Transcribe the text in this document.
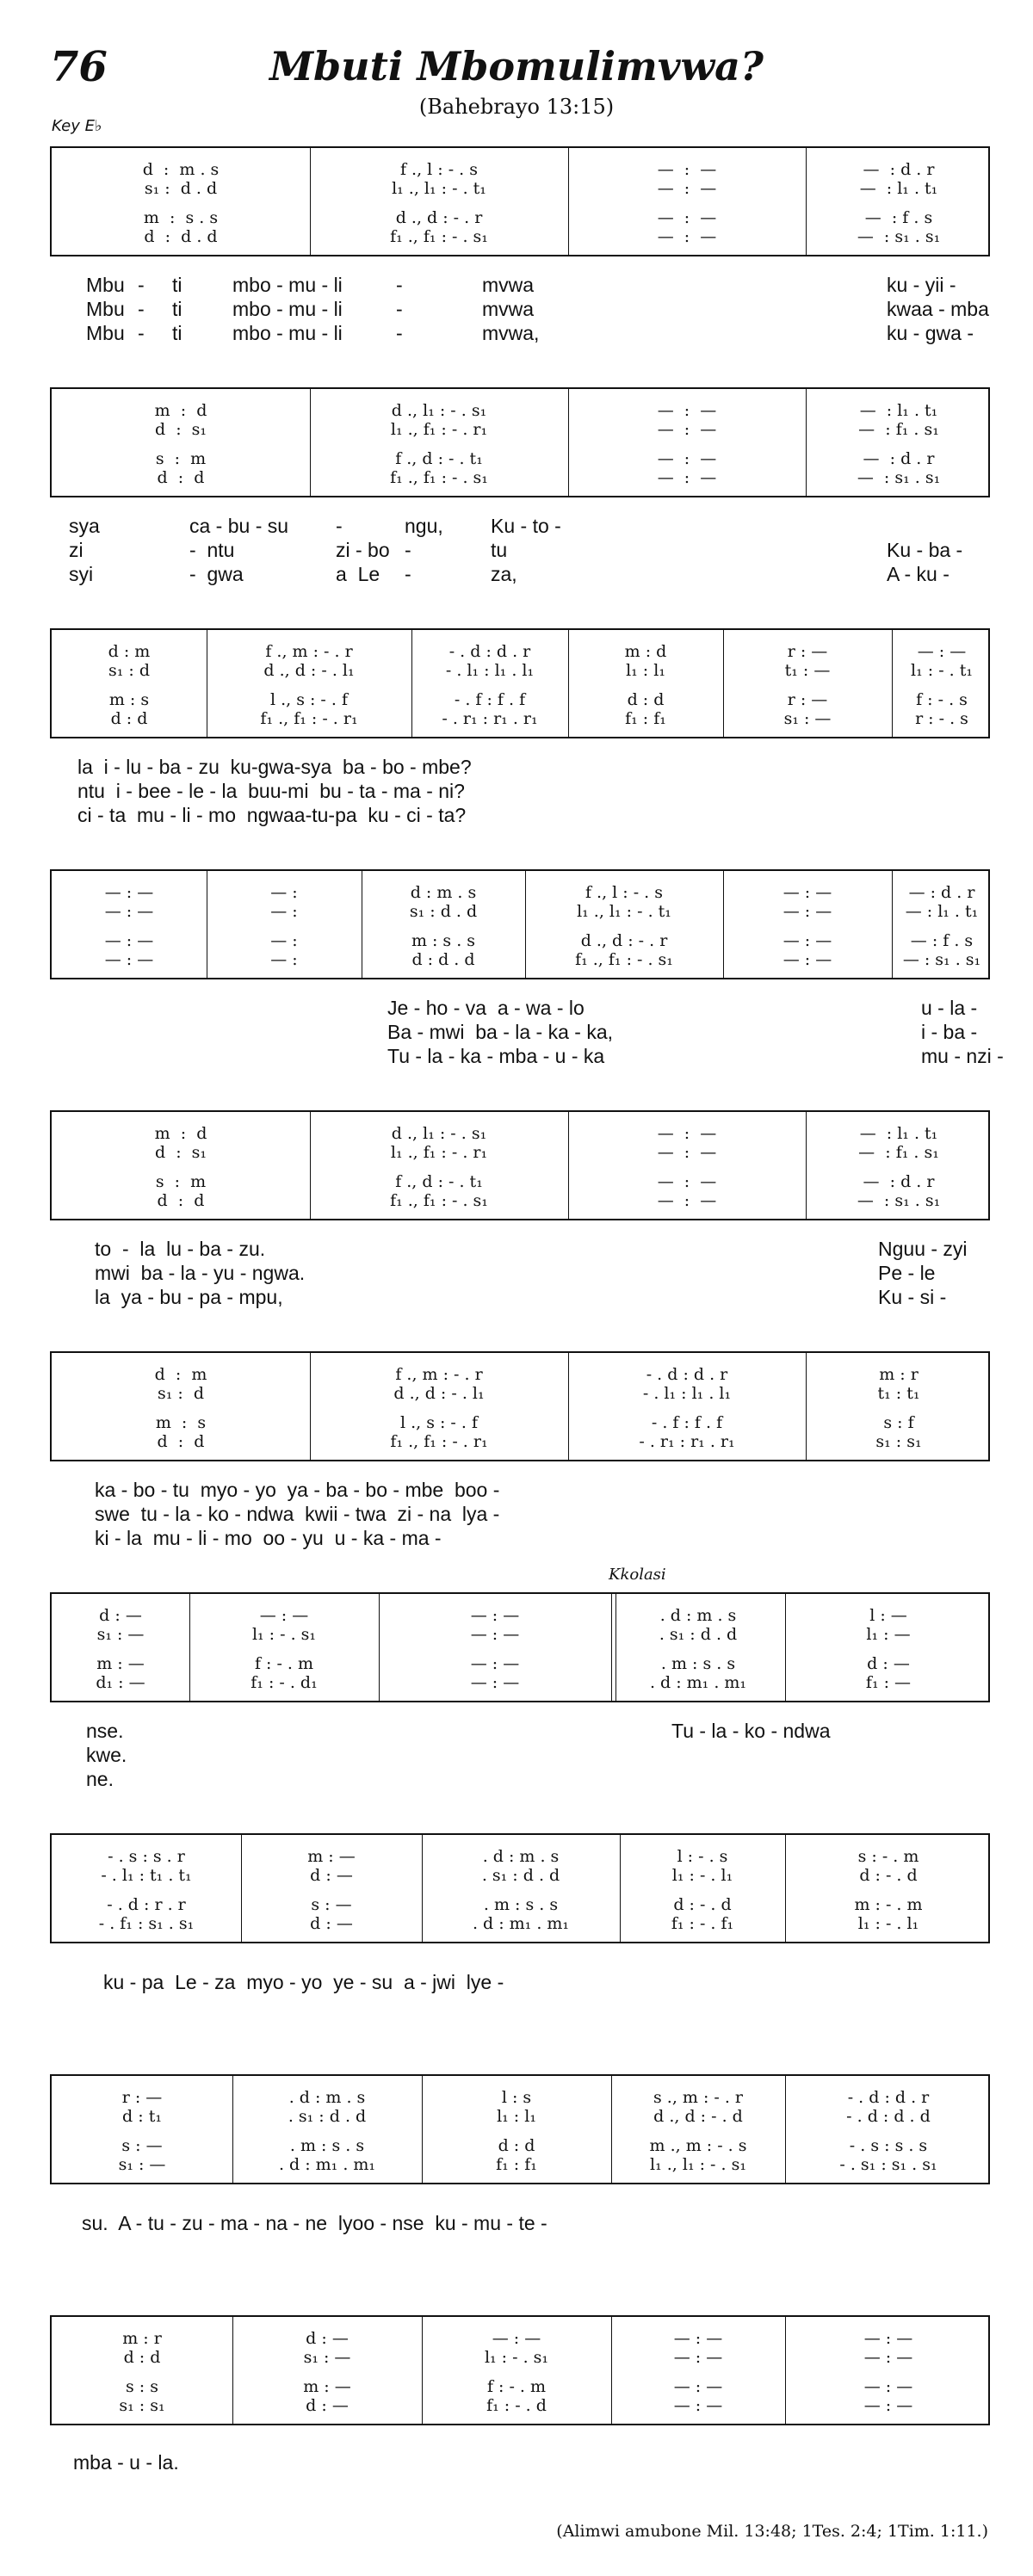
76	Mbuti Mbomulimvwa?
(Bahebrayo 13:15)
Key E♭
Kkolasi
d  :  m . s	f ., l : - . s	—  :  —	—  : d . r
s₁ :  d . d	l₁ ., l₁ : - . t₁	—  :  —	—  : l₁ . t₁
m  :  s . s	d ., d : - . r	—  :  —	—  : f . s
d  :  d . d	f₁ ., f₁ : - . s₁	—  :  —	—  : s₁ . s₁
Mbu - ti	mbo - mu - li	-	mvwa	ku - yii -
Mbu - ti	mbo - mu - li	-	mvwa	kwaa - mba
Mbu - ti	mbo - mu - li	-	mvwa,	ku - gwa -
m  :  d	d ., l₁ : - . s₁	—  :  —	—  : l₁ . t₁
d  :  s₁	l₁ ., f₁ : - . r₁	—  :  —	—  : f₁ . s₁
s  :  m	f ., d : - . t₁	—  :  —	—  : d . r
d  :  d	f₁ ., f₁ : - . s₁	—  :  —	—  : s₁ . s₁
sya	ca - bu - su -	ngu, Ku - to -
zi	-  ntu	zi - bo -	tu	Ku - ba -
syi	-  gwa	a  Le -	za,	A - ku -
d : m	f ., m : - . r	- . d : d . r	m : d	r : —	— : —
s₁ : d	d ., d : - . l₁	- . l₁ : l₁ . l₁	l₁ : l₁	t₁ : —	l₁ : - . t₁
m : s	l ., s : - . f	- . f : f . f	d : d	r : —	f : - . s
d : d	f₁ ., f₁ : - . r₁	- . r₁ : r₁ . r₁	f₁ : f₁	s₁ : —	r : - . s
la  i - lu - ba - zu  ku-gwa-sya  ba - bo - mbe?
ntu  i - bee - le - la  buu-mi  bu - ta - ma - ni?
ci - ta  mu - li - mo  ngwaa-tu-pa  ku - ci - ta?
— : —	— :	d : m . s	f ., l : - . s	— : —	— : d . r
— : —	— :	s₁ : d . d	l₁ ., l₁ : - . t₁	— : —	— : l₁ . t₁
— : —	— :	m : s . s	d ., d : - . r	— : —	— : f . s
— : —	— :	d : d . d	f₁ ., f₁ : - . s₁	— : —	— : s₁ . s₁
Je - ho - va  a - wa - lo	u - la -
Ba - mwi  ba - la - ka - ka,	i - ba -
Tu - la - ka - mba - u - ka	mu - nzi -
m  :  d	d ., l₁ : - . s₁	—  :  —	—  : l₁ . t₁
d  :  s₁	l₁ ., f₁ : - . r₁	—  :  —	—  : f₁ . s₁
s  :  m	f ., d : - . t₁	—  :  —	—  : d . r
d  :  d	f₁ ., f₁ : - . s₁	—  :  —	—  : s₁ . s₁
to  -  la  lu - ba - zu.	Nguu - zyi
mwi  ba - la - yu - ngwa.	Pe - le
la  ya - bu - pa - mpu,	Ku - si -
d  :  m	f ., m : - . r	- . d : d . r	m : r
s₁ :  d	d ., d : - . l₁	- . l₁ : l₁ . l₁	t₁ : t₁
m  :  s	l ., s : - . f	- . f : f . f	s : f
d  :  d	f₁ ., f₁ : - . r₁	- . r₁ : r₁ . r₁	s₁ : s₁
ka - bo - tu  myo - yo  ya - ba - bo - mbe  boo -
swe  tu - la - ko - ndwa  kwii - twa  zi - na  lya -
ki - la  mu - li - mo  oo - yu  u - ka - ma -
d : —	— : —	— : —	. d : m . s	l : —
s₁ : —	l₁ : - . s₁	— : —	. s₁ : d . d	l₁ : —
m : —	f : - . m	— : —	. m : s . s	d : —
d₁ : —	f₁ : - . d₁	— : —	. d : m₁ . m₁	f₁ : —
nse.	Tu - la - ko - ndwa
kwe.
ne.
- . s : s . r	m : —	. d : m . s	l : - . s	s : - . m
- . l₁ : t₁ . t₁	d : —	. s₁ : d . d	l₁ : - . l₁	d : - . d
- . d : r . r	s : —	. m : s . s	d : - . d	m : - . m
- . f₁ : s₁ . s₁	d : —	. d : m₁ . m₁	f₁ : - . f₁	l₁ : - . l₁
ku - pa  Le - za  myo - yo  ye - su  a - jwi  lye -
r : —	. d : m . s	l : s	s ., m : - . r	- . d : d . r
d : t₁	. s₁ : d . d	l₁ : l₁	d ., d : - . d	- . d : d . d
s : —	. m : s . s	d : d	m ., m : - . s	- . s : s . s
s₁ : —	. d : m₁ . m₁	f₁ : f₁	l₁ ., l₁ : - . s₁	- . s₁ : s₁ . s₁
su.  A - tu - zu - ma - na - ne  lyoo - nse  ku - mu - te -
m : r	d : —	— : —	— : —	— : —
d : d	s₁ : —	l₁ : - . s₁	— : —	— : —
s : s	m : —	f : - . m	— : —	— : —
s₁ : s₁	d : —	f₁ : - . d	— : —	— : —
mba - u - la.
(Alimwi amubone Mil. 13:48; 1Tes. 2:4; 1Tim. 1:11.)
